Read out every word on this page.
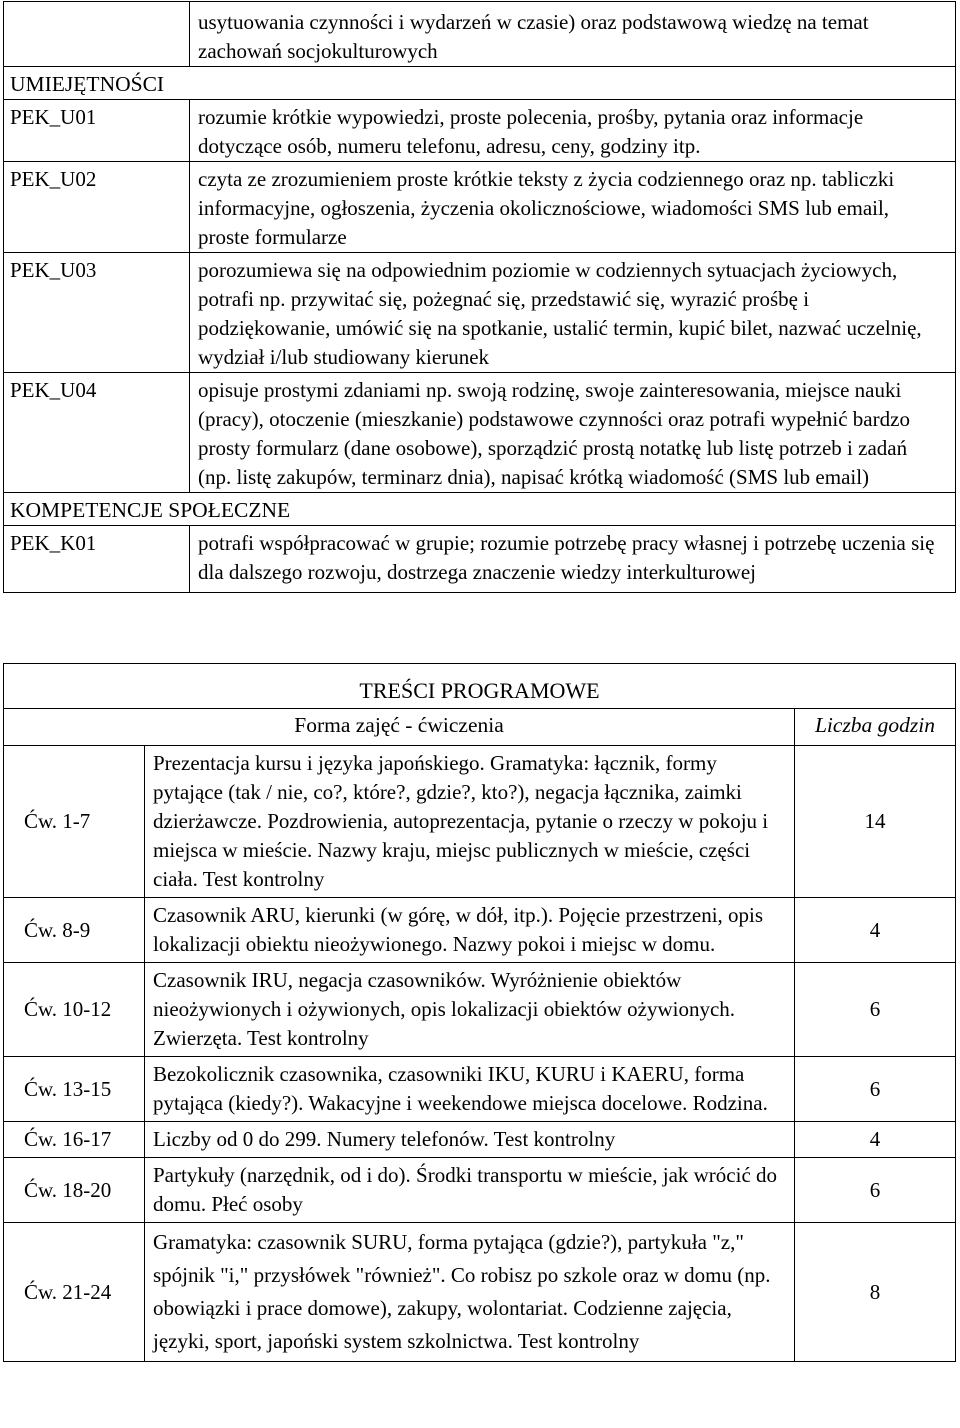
	usytuowania czynności i wydarzeń w czasie) oraz podstawową wiedzę na temat zachowań socjokulturowych
UMIEJĘTNOŚCI	
PEK_U01	rozumie krótkie wypowiedzi, proste polecenia, prośby, pytania oraz informacje dotyczące osób, numeru telefonu, adresu, ceny, godziny itp.
PEK_U02	czyta ze zrozumieniem proste krótkie teksty z życia codziennego oraz np. tabliczki informacyjne, ogłoszenia, życzenia okolicznościowe, wiadomości SMS lub email, proste formularze
PEK_U03	porozumiewa się na odpowiednim poziomie w codziennych sytuacjach życiowych, potrafi np. przywitać się, pożegnać się, przedstawić się, wyrazić prośbę i podziękowanie, umówić się na spotkanie, ustalić termin, kupić bilet, nazwać uczelnię, wydział i/lub studiowany kierunek
PEK_U04	opisuje prostymi zdaniami np. swoją rodzinę, swoje zainteresowania, miejsce nauki (pracy), otoczenie (mieszkanie) podstawowe czynności oraz potrafi wypełnić bardzo prosty formularz (dane osobowe), sporządzić prostą notatkę lub listę potrzeb i zadań (np. listę zakupów, terminarz dnia), napisać krótką wiadomość (SMS lub email)
KOMPETENCJE SPOŁECZNE	
PEK_K01	potrafi współpracować w grupie; rozumie potrzebę pracy własnej i potrzebę uczenia się dla dalszego rozwoju, dostrzega znaczenie wiedzy interkulturowej
TREŚCI PROGRAMOWE		
Forma zajęć - ćwiczenia		Liczba godzin
Ćw. 1-7	Prezentacja kursu i języka japońskiego. Gramatyka: łącznik, formy pytające (tak / nie, co?, które?, gdzie?, kto?), negacja łącznika, zaimki dzierżawcze. Pozdrowienia, autoprezentacja, pytanie o rzeczy w pokoju i miejsca w mieście. Nazwy kraju, miejsc publicznych w mieście, części ciała. Test kontrolny	14
Ćw. 8-9	Czasownik ARU, kierunki (w górę, w dół, itp.). Pojęcie przestrzeni, opis lokalizacji obiektu nieożywionego. Nazwy pokoi i miejsc w domu.	4
Ćw. 10-12	Czasownik IRU, negacja czasowników. Wyróżnienie obiektów nieożywionych i ożywionych, opis lokalizacji obiektów ożywionych. Zwierzęta. Test kontrolny	6
Ćw. 13-15	Bezokolicznik czasownika, czasowniki IKU, KURU i KAERU, forma pytająca (kiedy?). Wakacyjne i weekendowe miejsca docelowe. Rodzina.	6
Ćw. 16-17	Liczby od 0 do 299. Numery telefonów. Test kontrolny	4
Ćw. 18-20	Partykuły (narzędnik, od i do). Środki transportu w mieście, jak wrócić do domu. Płeć osoby	6
Ćw. 21-24	Gramatyka: czasownik SURU, forma pytająca (gdzie?), partykuła "z," spójnik "i," przysłówek "również". Co robisz po szkole oraz w domu (np. obowiązki i prace domowe), zakupy, wolontariat. Codzienne zajęcia, języki, sport, japoński system szkolnictwa. Test kontrolny	8
